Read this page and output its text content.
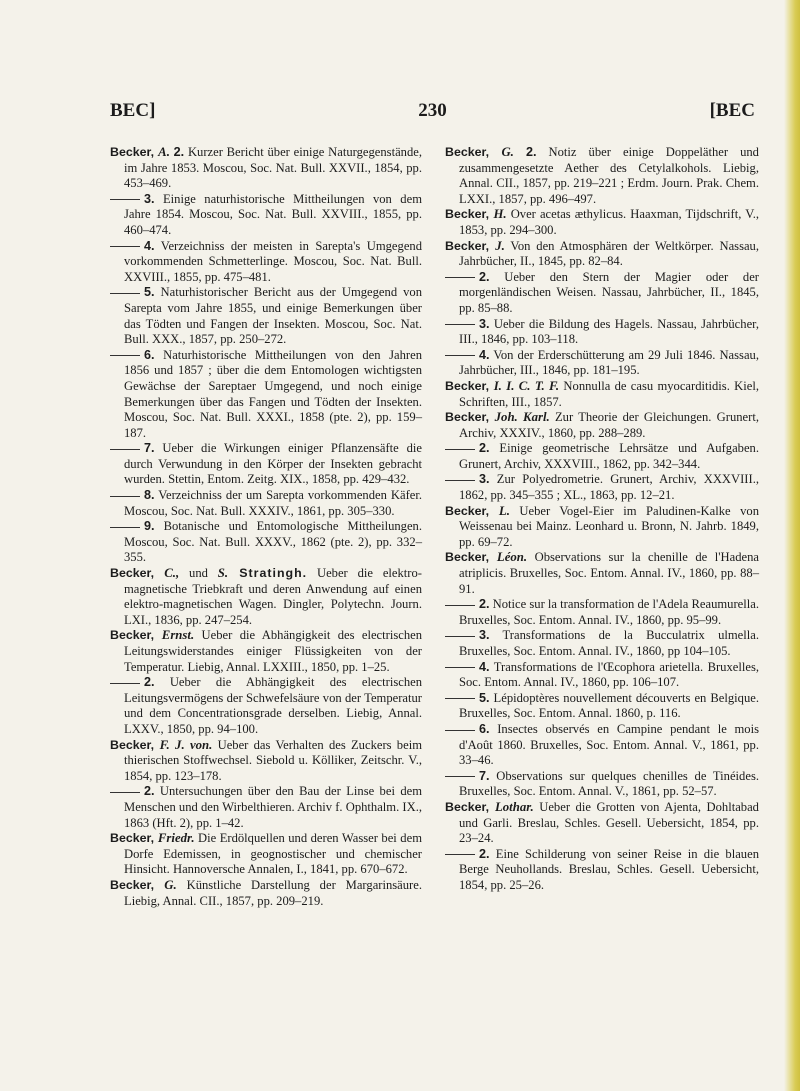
BEC]	230	[BEC

Becker, A. 2. Kurzer Bericht über einige Naturgegenstände, im Jahre 1853. Moscou, Soc. Nat. Bull. XXVII., 1854, pp. 453–469.

3. Einige naturhistorische Mittheilungen von dem Jahre 1854. Moscou, Soc. Nat. Bull. XXVIII., 1855, pp. 460–474.

4. Verzeichniss der meisten in Sarepta's Umgegend vorkommenden Schmetterlinge. Moscou, Soc. Nat. Bull. XXVIII., 1855, pp. 475–481.

5. Naturhistorischer Bericht aus der Umgegend von Sarepta vom Jahre 1855, und einige Bemerkungen über das Tödten und Fangen der Insekten. Moscou, Soc. Nat. Bull. XXX., 1857, pp. 250–272.

6. Naturhistorische Mittheilungen von den Jahren 1856 und 1857 ; über die dem Entomologen wichtigsten Gewächse der Sareptaer Umgegend, und noch einige Bemerkungen über das Fangen und Tödten der Insekten. Moscou, Soc. Nat. Bull. XXXI., 1858 (pte. 2), pp. 159–187.

7. Ueber die Wirkungen einiger Pflanzensäfte die durch Verwundung in den Körper der Insekten gebracht wurden. Stettin, Entom. Zeitg. XIX., 1858, pp. 429–432.

8. Verzeichniss der um Sarepta vorkommenden Käfer. Moscou, Soc. Nat. Bull. XXXIV., 1861, pp. 305–330.

9. Botanische und Entomologische Mittheilungen. Moscou, Soc. Nat. Bull. XXXV., 1862 (pte. 2), pp. 332–355.

Becker, C., und S. Stratingh. Ueber die elektro-magnetische Triebkraft und deren Anwendung auf einen elektro-magnetischen Wagen. Dingler, Polytechn. Journ. LXI., 1836, pp. 247–254.

Becker, Ernst. Ueber die Abhängigkeit des electrischen Leitungswiderstandes einiger Flüssigkeiten von der Temperatur. Liebig, Annal. LXXIII., 1850, pp. 1–25.

2. Ueber die Abhängigkeit des electrischen Leitungsvermögens der Schwefelsäure von der Temperatur und dem Concentrationsgrade derselben. Liebig, Annal. LXXV., 1850, pp. 94–100.

Becker, F. J. von. Ueber das Verhalten des Zuckers beim thierischen Stoffwechsel. Siebold u. Kölliker, Zeitschr. V., 1854, pp. 123–178.

2. Untersuchungen über den Bau der Linse bei dem Menschen und den Wirbelthieren. Archiv f. Ophthalm. IX., 1863 (Hft. 2), pp. 1–42.

Becker, Friedr. Die Erdölquellen und deren Wasser bei dem Dorfe Edemissen, in geognostischer und chemischer Hinsicht. Hannoversche Annalen, I., 1841, pp. 670–672.

Becker, G. Künstliche Darstellung der Margarinsäure. Liebig, Annal. CII., 1857, pp. 209–219.

Becker, G. 2. Notiz über einige Doppeläther und zusammengesetzte Aether des Cetylalkohols. Liebig, Annal. CII., 1857, pp. 219–221 ; Erdm. Journ. Prak. Chem. LXXI., 1857, pp. 496–497.

Becker, H. Over acetas æthylicus. Haaxman, Tijdschrift, V., 1853, pp. 294–300.

Becker, J. Von den Atmosphären der Weltkörper. Nassau, Jahrbücher, II., 1845, pp. 82–84.

2. Ueber den Stern der Magier oder der morgenländischen Weisen. Nassau, Jahrbücher, II., 1845, pp. 85–88.

3. Ueber die Bildung des Hagels. Nassau, Jahrbücher, III., 1846, pp. 103–118.

4. Von der Erderschütterung am 29 Juli 1846. Nassau, Jahrbücher, III., 1846, pp. 181–195.

Becker, I. I. C. T. F. Nonnulla de casu myocarditidis. Kiel, Schriften, III., 1857.

Becker, Joh. Karl. Zur Theorie der Gleichungen. Grunert, Archiv, XXXIV., 1860, pp. 288–289.

2. Einige geometrische Lehrsätze und Aufgaben. Grunert, Archiv, XXXVIII., 1862, pp. 342–344.

3. Zur Polyedrometrie. Grunert, Archiv, XXXVIII., 1862, pp. 345–355 ; XL., 1863, pp. 12–21.

Becker, L. Ueber Vogel-Eier im Paludinen-Kalke von Weissenau bei Mainz. Leonhard u. Bronn, N. Jahrb. 1849, pp. 69–72.

Becker, Léon. Observations sur la chenille de l'Hadena atriplicis. Bruxelles, Soc. Entom. Annal. IV., 1860, pp. 88–91.

2. Notice sur la transformation de l'Adela Reaumurella. Bruxelles, Soc. Entom. Annal. IV., 1860, pp. 95–99.

3. Transformations de la Bucculatrix ulmella. Bruxelles, Soc. Entom. Annal. IV., 1860, pp 104–105.

4. Transformations de l'Œcophora arietella. Bruxelles, Soc. Entom. Annal. IV., 1860, pp. 106–107.

5. Lépidoptères nouvellement découverts en Belgique. Bruxelles, Soc. Entom. Annal. 1860, p. 116.

6. Insectes observés en Campine pendant le mois d'Août 1860. Bruxelles, Soc. Entom. Annal. V., 1861, pp. 33–46.

7. Observations sur quelques chenilles de Tinéides. Bruxelles, Soc. Entom. Annal. V., 1861, pp. 52–57.

Becker, Lothar. Ueber die Grotten von Ajenta, Dohltabad und Garli. Breslau, Schles. Gesell. Uebersicht, 1854, pp. 23–24.

2. Eine Schilderung von seiner Reise in die blauen Berge Neuhollands. Breslau, Schles. Gesell. Uebersicht, 1854, pp. 25–26.
